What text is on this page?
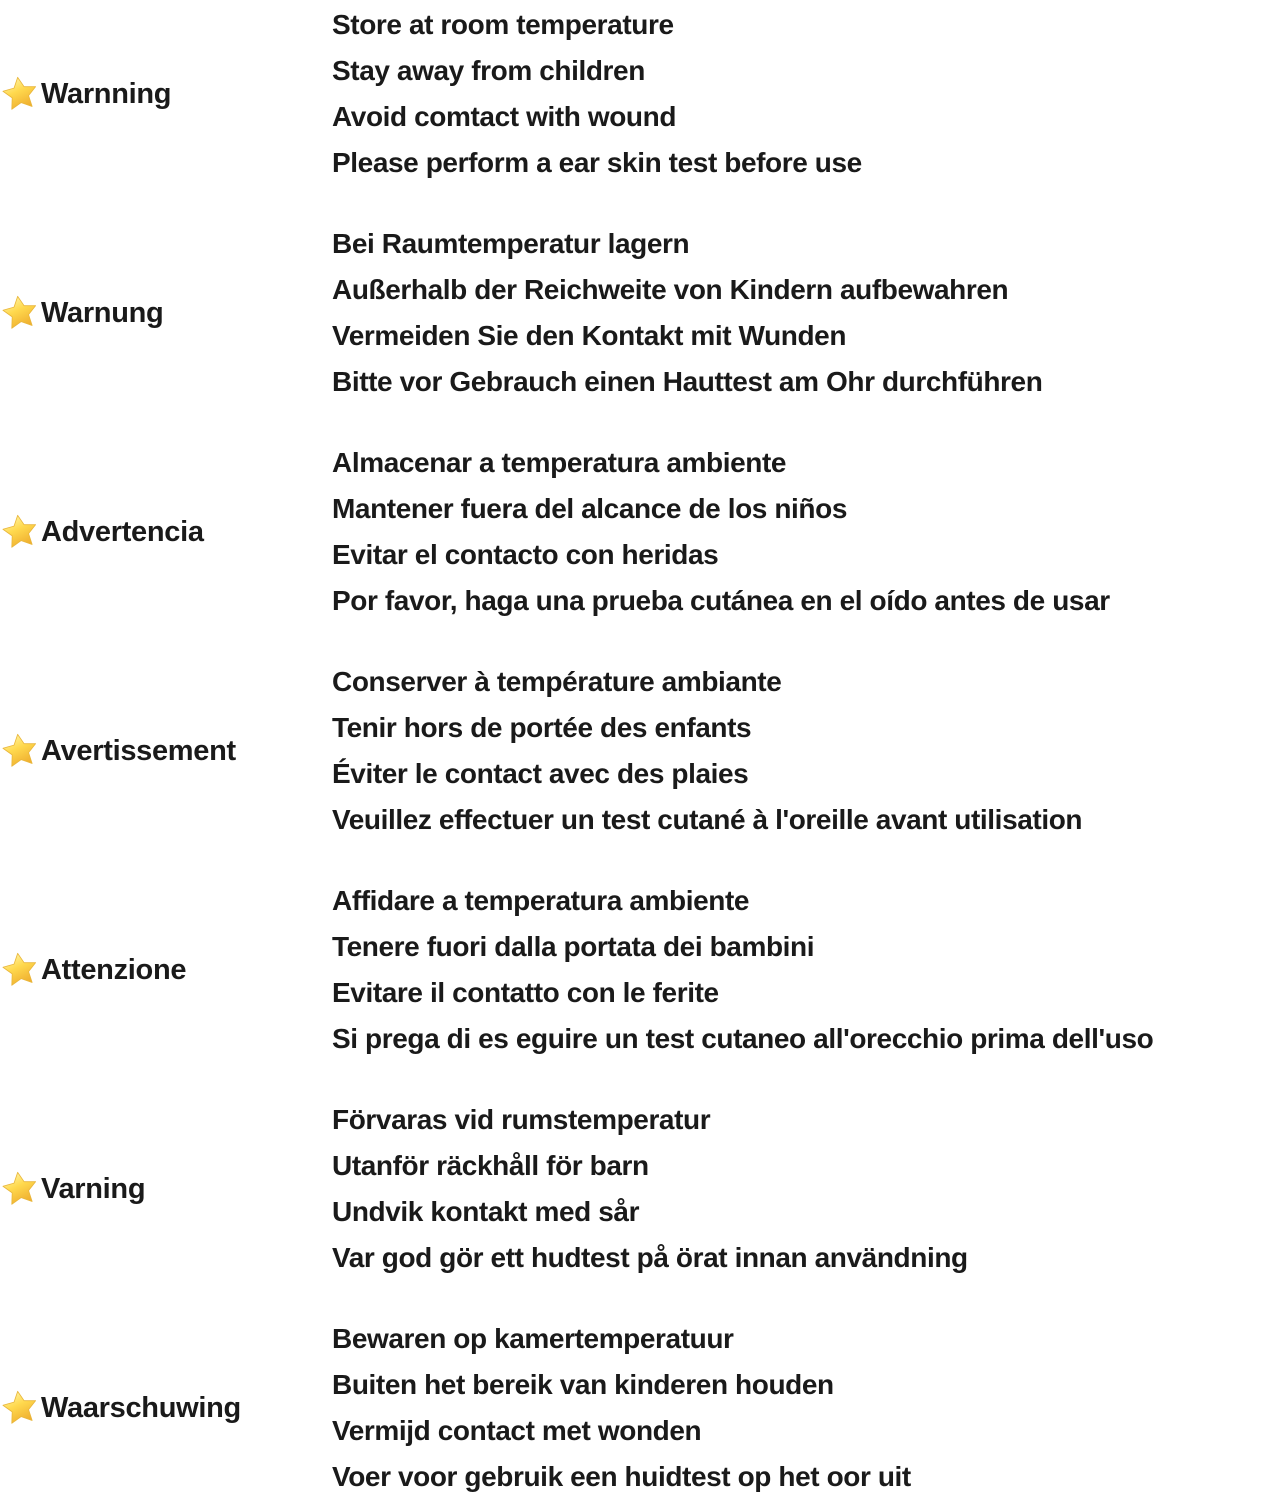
Warnning
Store at room temperature
Stay away from children
Avoid comtact with wound
Please perform a ear skin test before use
Warnung
Bei Raumtemperatur lagern
Außerhalb der Reichweite von Kindern aufbewahren
Vermeiden Sie den Kontakt mit Wunden
Bitte vor Gebrauch einen Hauttest am Ohr durchführen
Advertencia
Almacenar a temperatura ambiente
Mantener fuera del alcance de los niños
Evitar el contacto con heridas
Por favor, haga una prueba cutánea en el oído antes de usar
Avertissement
Conserver à température ambiante
Tenir hors de portée des enfants
Éviter le contact avec des plaies
Veuillez effectuer un test cutané à l'oreille avant utilisation
Attenzione
Affidare a temperatura ambiente
Tenere fuori dalla portata dei bambini
Evitare il contatto con le ferite
Si prega di es eguire un test cutaneo all'orecchio prima dell'uso
Varning
Förvaras vid rumstemperatur
Utanför räckhåll för barn
Undvik kontakt med sår
Var god gör ett hudtest på örat innan användning
Waarschuwing
Bewaren op kamertemperatuur
Buiten het bereik van kinderen houden
Vermijd contact met wonden
Voer voor gebruik een huidtest op het oor uit
